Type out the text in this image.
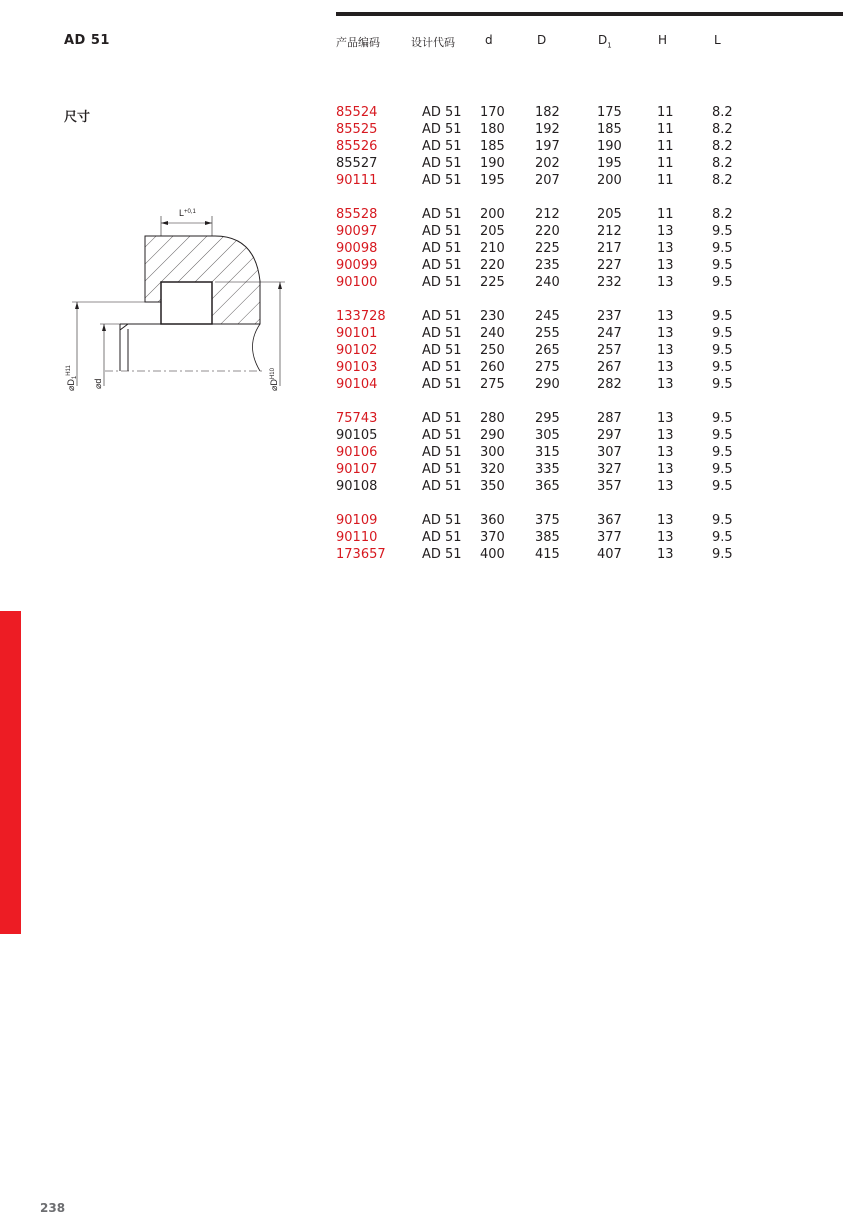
AD 51
尺寸
产品编码	设计代码	d	D	$D_1$	H	L
85524	AD 51 170 182	175	11	8.2
85525	AD 51 180 192	185	11	8.2
85526	AD 51 185 197	190	11	8.2
85527	AD 51 190 202	195	11	8.2
90111	AD 51 195 207	200	11	8.2
85528	AD 51 200 212	205	11	8.2
90097	AD 51 205 220	212	13	9.5
90098	AD 51 210 225	217	13	9.5
90099	AD 51 220 235	227	13	9.5
90100	AD 51 225 240	232	13	9.5
133728	AD 51 230 245	237	13	9.5
90101	AD 51 240 255	247	13	9.5
90102	AD 51 250 265	257	13	9.5
90103	AD 51 260 275	267	13	9.5
90104	AD 51 275 290	282	13	9.5
75743	AD 51 280 295	287	13	9.5
90105	AD 51 290 305	297	13	9.5
90106	AD 51 300 315	307	13	9.5
90107	AD 51 320 335	327	13	9.5
90108	AD 51 350 365	357	13	9.5
90109	AD 51 360 375	367	13	9.5
90110	AD 51 370 385	377	13	9.5
173657	AD 51 400 415	407	13	9.5
$L^{+0,1}$
$⌀D_1^{H11}$
⌀d	$⌀D^{H10}$
238
